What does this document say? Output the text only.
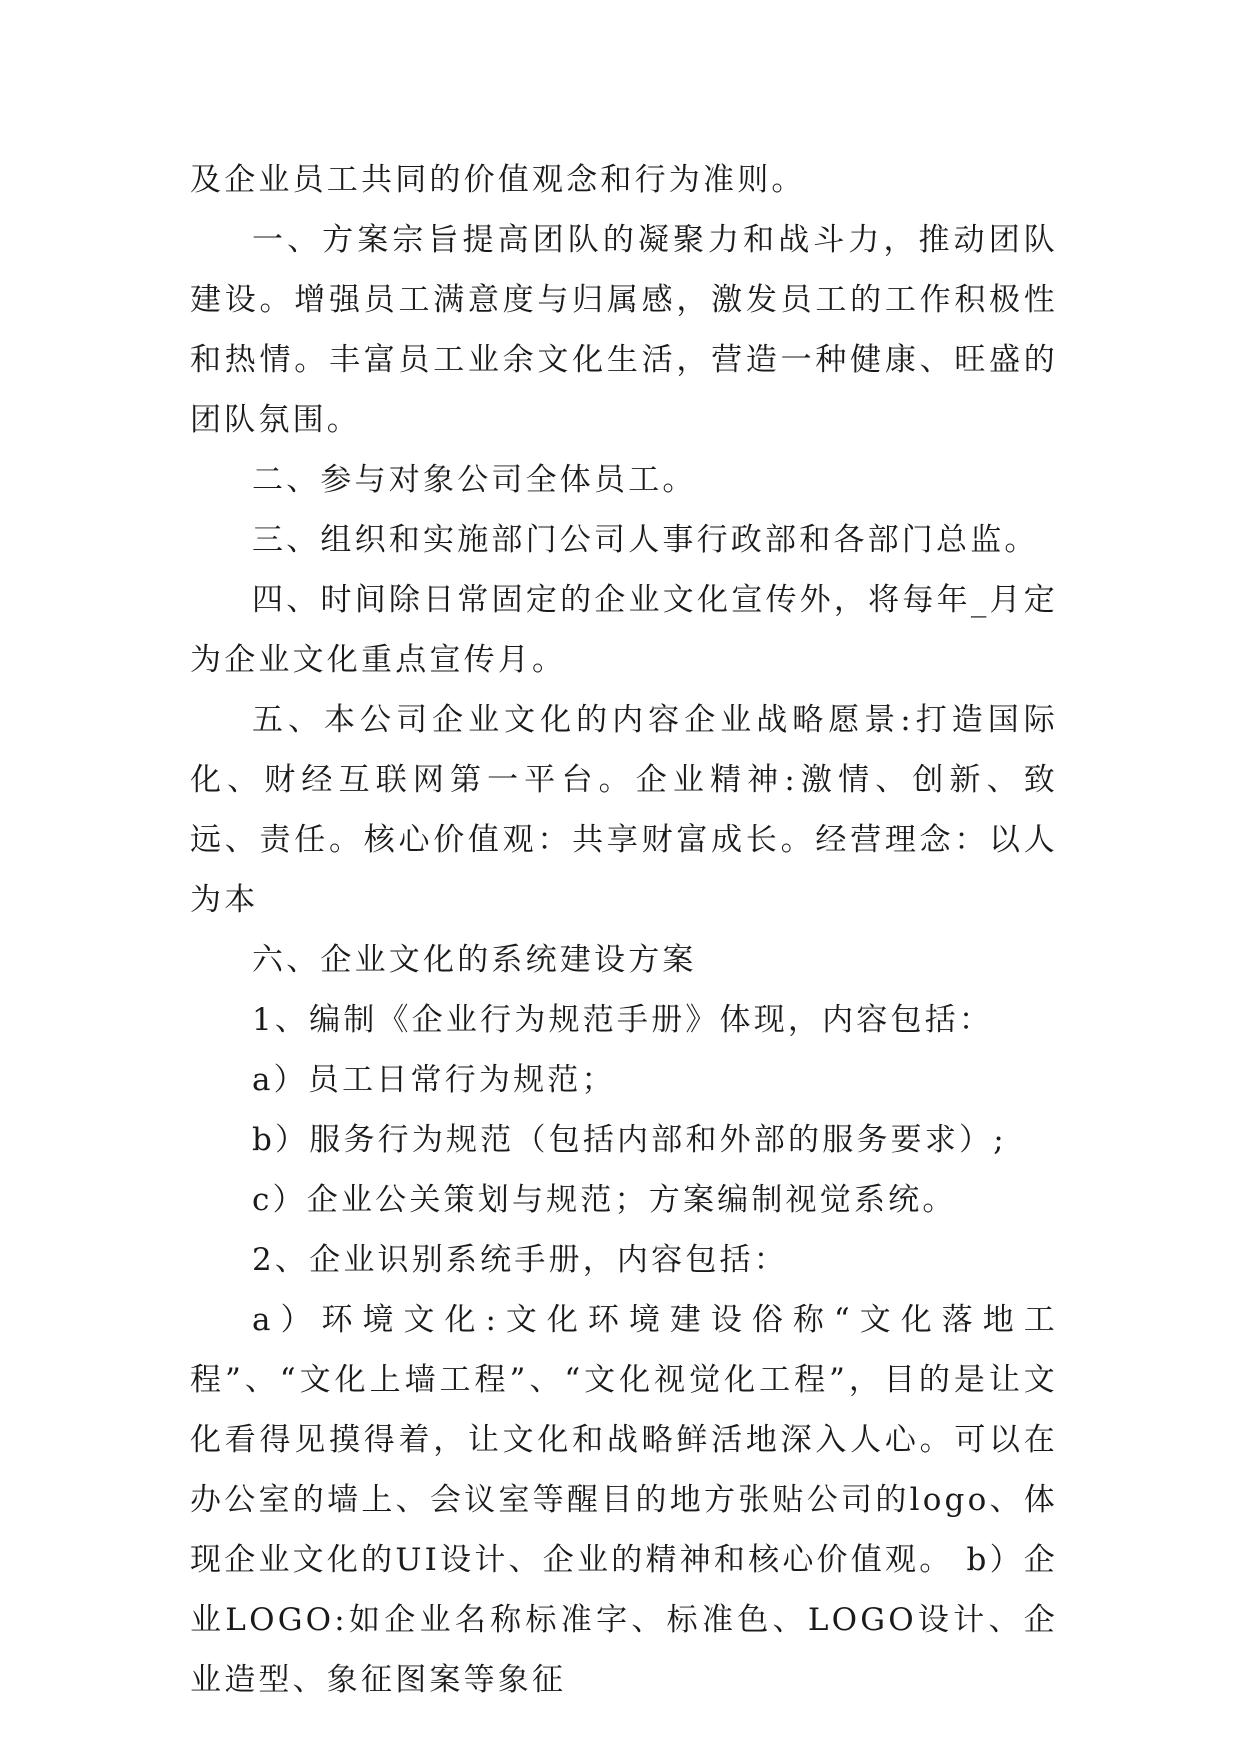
及企业员工共同的价值观念和行为准则。

一、方案宗旨提高团队的凝聚力和战斗力，推动团队建设。增强员工满意度与归属感，激发员工的工作积极性和热情。丰富员工业余文化生活，营造一种健康、旺盛的团队氛围。

二、参与对象公司全体员工。

三、组织和实施部门公司人事行政部和各部门总监。

四、时间除日常固定的企业文化宣传外，将每年_月定为企业文化重点宣传月。

五、本公司企业文化的内容企业战略愿景:打造国际化、财经互联网第一平台。企业精神:激情、创新、致远、责任。核心价值观：共享财富成长。经营理念：以人为本

六、企业文化的系统建设方案

1、编制《企业行为规范手册》体现，内容包括：

a）员工日常行为规范；

b）服务行为规范（包括内部和外部的服务要求）;

c）企业公关策划与规范；方案编制视觉系统。

2、企业识别系统手册，内容包括：

a）环境文化:文化环境建设俗称“文化落地工程”、“文化上墙工程”、“文化视觉化工程”，目的是让文化看得见摸得着，让文化和战略鲜活地深入人心。可以在办公室的墙上、会议室等醒目的地方张贴公司的logo、体现企业文化的UI设计、企业的精神和核心价值观。 b）企业LOGO:如企业名称标准字、标准色、LOGO设计、企业造型、象征图案等象征
